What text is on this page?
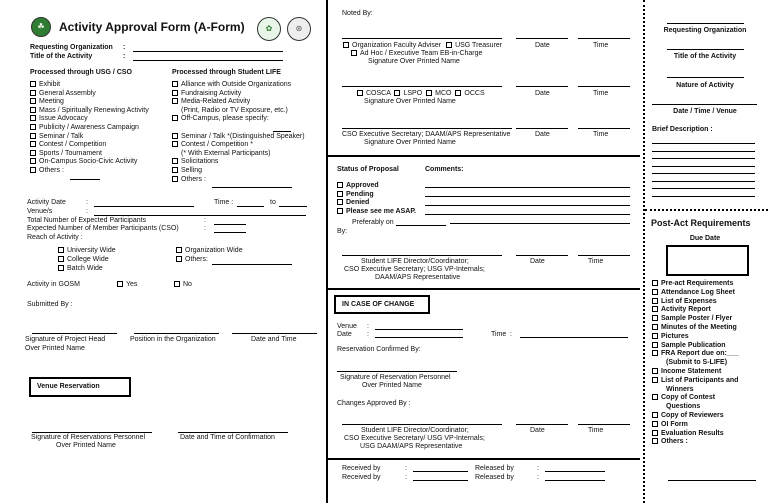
☘	Activity Approval Form (A-Form)	✿	⊛
Requesting Organization :
Title of the Activity	:
Processed through USG / CSO	Processed through Student LIFE
Exhibit
General Assembly
Meeting
Mass / Spiritually Renewing Activity
Issue Advocacy
Publicity / Awareness Campaign
Seminar / Talk
Contest / Competition
Sports / Tournament
On-Campus Socio-Civic Activity
Others :
Alliance with Outside Organizations
Fundraising Activity
Media-Related Activity
(Print, Radio or TV Exposure, etc.)
Off-Campus, please specify:
Seminar / Talk *(Distinguished Speaker)
Contest / Competition *
(* With External Participants)
Solicitations
Selling
Others :
Activity Date	:	Time :	to
Venue/s	:
Total Number of Expected Participants	:
Expected Number of Member Participants (CSO)	:
Reach of Activity :
University Wide
College Wide
Batch Wide
Organization Wide
Others:
Activity in GOSM	Yes	No
Submitted By :
Signature of Project Head
Over Printed Name
Position in the Organization	Date and Time
Venue Reservation
Signature of Reservations Personnel
Over Printed Name
Date and Time of Confirmation
Noted By:
Organization Faculty Adviser USG Treasurer
Ad Hoc / Executive Team EB-in-Charge
Signature Over Printed Name
Date	Time
COSCA LSPO MCO OCCS
Signature Over Printed Name
Date	Time
CSO Executive Secretary; DAAM/APS Representative
Signature Over Printed Name
Date	Time
Status of Proposal	Comments:
Approved
Pending
Denied
Please see me ASAP.
Preferably on
By:
Student LIFE Director/Coordinator;
CSO Executive Secretary; USG VP-Internals;
DAAM/APS Representative
Date	Time
IN CASE OF CHANGE
Venue :
Date :	Time :
Reservation Confirmed By:
Signature of Reservation Personnel
Over Printed Name
Changes Approved By :
Student LIFE Director/Coordinator;
CSO Executive Secretary/ USG VP-Internals;
USG DAAM/APS Representative
Date	Time
Received by	:	Released by	:
Received by	:	Released by	:
Requesting Organization
Title of the Activity
Nature of Activity
Date / Time / Venue
Brief Description :
Post-Act Requirements
Due Date
Pre-act Requirements
Attendance Log Sheet
List of Expenses
Activity Report
Sample Poster / Flyer
Minutes of the Meeting
Pictures
Sample Publication
FRA Report due on:___
(Submit to S-LIFE)
Income Statement
List of Participants and
Winners
Copy of Contest
Questions
Copy of Reviewers
OI Form
Evaluation Results
Others :
